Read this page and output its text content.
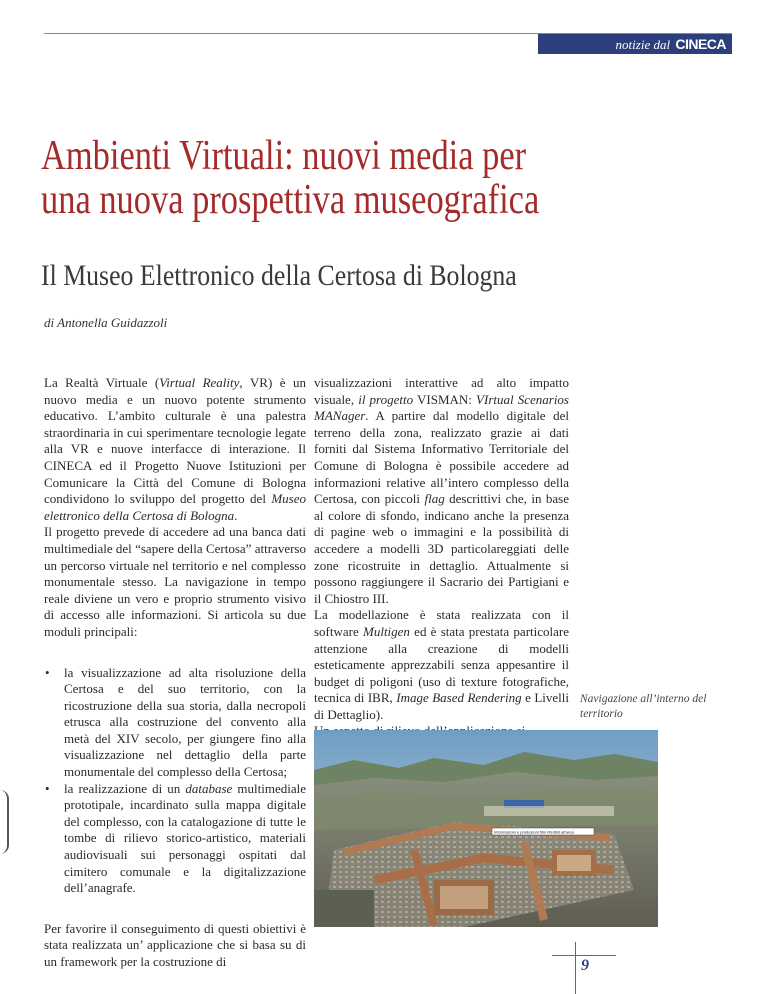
notizie dal CINECA
Ambienti Virtuali: nuovi media per
una nuova prospettiva museografica
Il Museo Elettronico della Certosa di Bologna
di Antonella Guidazzoli

La Realtà Virtuale (Virtual Reality, VR) è un nuovo media e un nuovo potente strumento educativo. L’ambito culturale è una palestra straordinaria in cui sperimentare tecnologie legate alla VR e nuove interfacce di interazione. Il CINECA ed il Progetto Nuove Istituzioni per Comunicare la Città del Comune di Bologna condividono lo sviluppo del progetto del Museo elettronico della Certosa di Bologna.

Il progetto prevede di accedere ad una banca dati multimediale del “sapere della Certosa” attraverso un percorso virtuale nel territorio e nel complesso monumentale stesso. La navigazione in tempo reale diviene un vero e proprio strumento visivo di accesso alle informazioni. Si articola su due moduli principali:

• la visualizzazione ad alta risoluzione della Certosa e del suo territorio, con la ricostruzione della sua storia, dalla necropoli etrusca alla costruzione del convento alla metà del XIV secolo, per giungere fino alla visualizzazione nel dettaglio della parte monumentale del complesso della Certosa;
• la realizzazione di un database multimediale prototipale, incardinato sulla mappa digitale del complesso, con la catalogazione di tutte le tombe di rilievo storico-artistico, materiali audiovisuali sui personaggi ospitati dal cimitero comunale e la digitalizzazione dell’anagrafe.

Per favorire il conseguimento di questi obiettivi è stata realizzata un’ applicazione che si basa su di un framework per la costruzione di

visualizzazioni interattive ad alto impatto visuale, il progetto VISMAN: VIrtual Scenarios MANager. A partire dal modello digitale del terreno della zona, realizzato grazie ai dati forniti dal Sistema Informativo Territoriale del Comune di Bologna è possibile accedere ad informazioni relative all’intero complesso della Certosa, con piccoli flag descrittivi che, in base al colore di sfondo, indicano anche la presenza di pagine web o immagini e la possibilità di accedere a modelli 3D particolareggiati delle zone ricostruite in dettaglio. Attualmente si possono raggiungere il Sacrario dei Partigiani e il Chiostro III.

La modellazione è stata realizzata con il software Multigen ed è stata prestata particolare attenzione alla creazione di modelli esteticamente apprezzabili senza appesantire il budget di poligoni (uso di texture fotografiche, tecnica di IBR, Image Based Rendering e Livelli di Dettaglio).

Navigazione all’interno del territorio
Informazioni e produzioni film riferibili all’area
9
